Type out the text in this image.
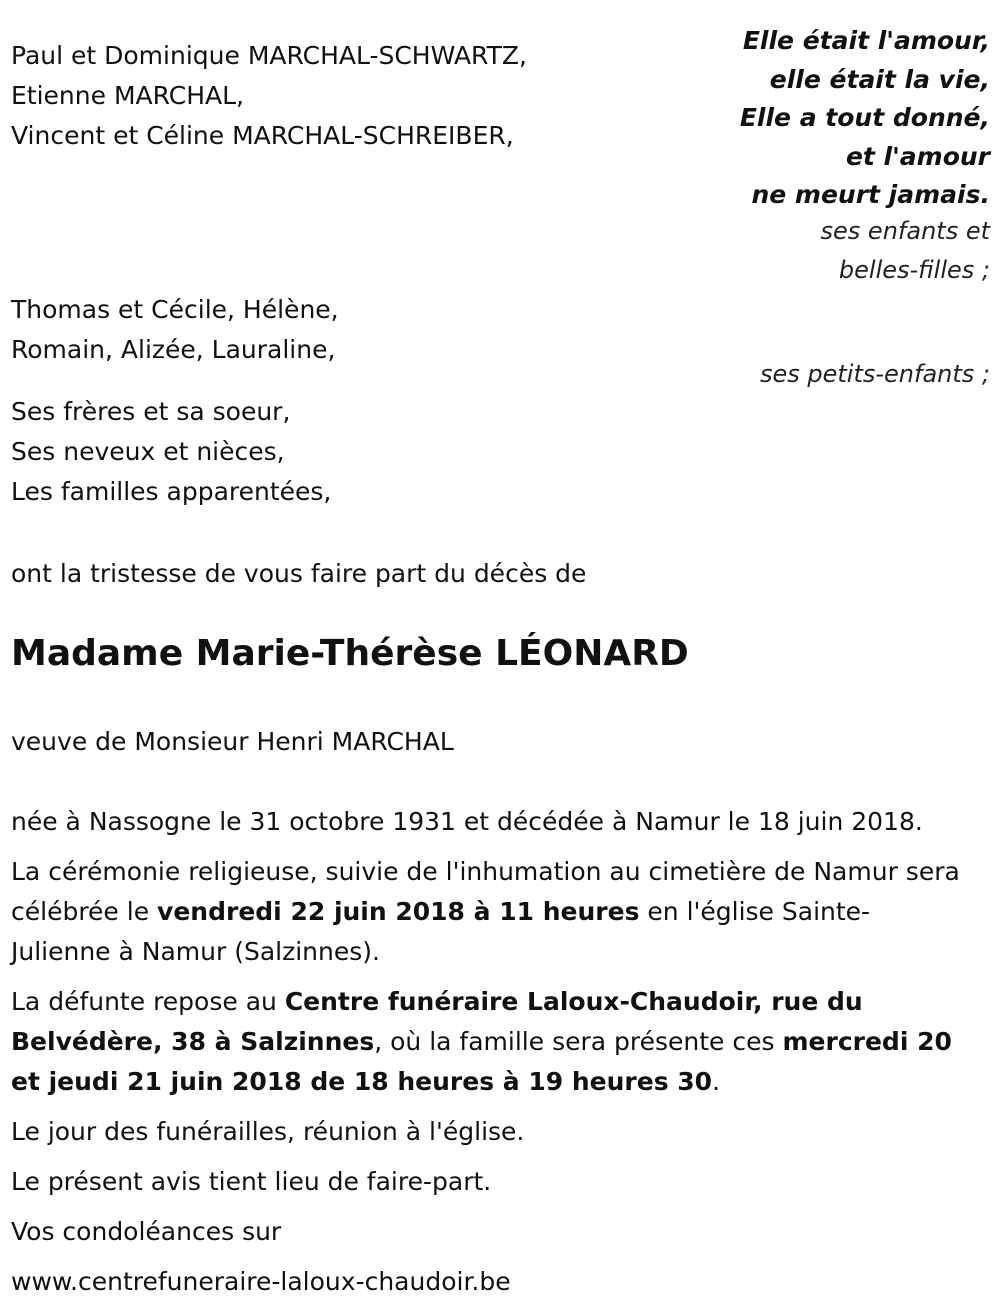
Elle était l'amour,
elle était la vie,
Elle a tout donné,
et l'amour
ne meurt jamais.
Paul et Dominique MARCHAL-SCHWARTZ,
Etienne MARCHAL,
Vincent et Céline MARCHAL-SCHREIBER,
ses enfants et
belles-filles ;
Thomas et Cécile, Hélène,
Romain, Alizée, Lauraline,
ses petits-enfants ;
Ses frères et sa soeur,
Ses neveux et nièces,
Les familles apparentées,
ont la tristesse de vous faire part du décès de
Madame Marie-Thérèse LÉONARD
veuve de Monsieur Henri MARCHAL

née à Nassogne le 31 octobre 1931 et décédée à Namur le 18 juin 2018.

La cérémonie religieuse, suivie de l'inhumation au cimetière de Namur sera célébrée le vendredi 22 juin 2018 à 11 heures en l'église Sainte-Julienne à Namur (Salzinnes).

La défunte repose au Centre funéraire Laloux-Chaudoir, rue du Belvédère, 38 à Salzinnes, où la famille sera présente ces mercredi 20 et jeudi 21 juin 2018 de 18 heures à 19 heures 30.

Le jour des funérailles, réunion à l'église.

Le présent avis tient lieu de faire-part.

Vos condoléances sur

www.centrefuneraire-laloux-chaudoir.be
